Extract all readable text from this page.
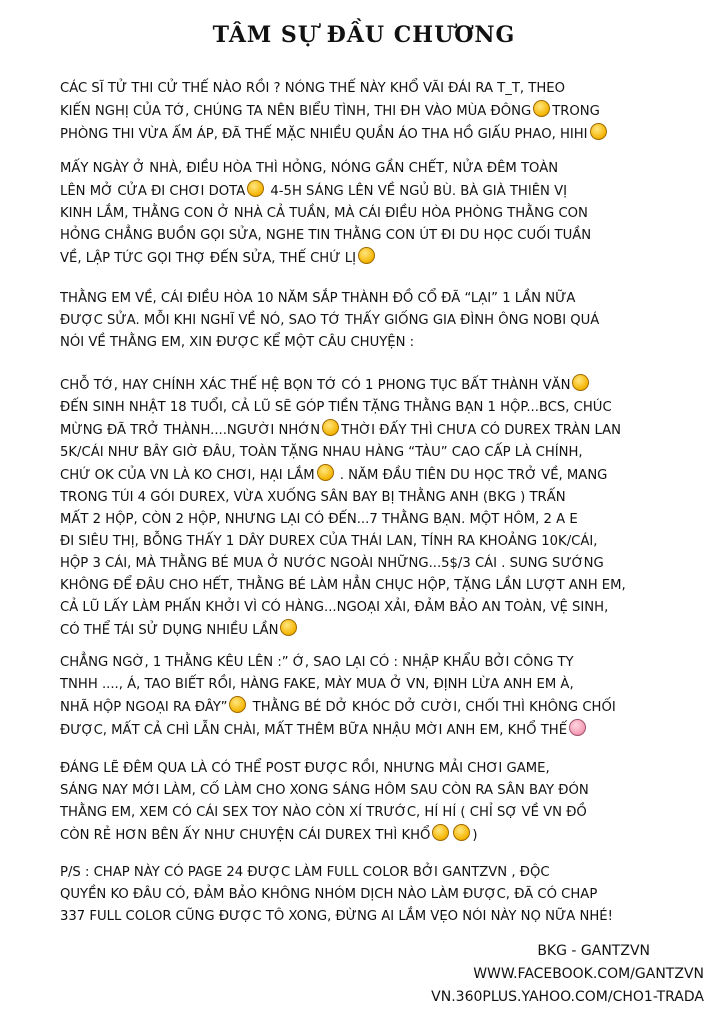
TÂM SỰ ĐẦU CHƯƠNG
CÁC SĨ TỬ THI CỬ THẾ NÀO RỒI ? NÓNG THẾ NÀY KHỔ VÃI ĐÁI RA T_T, THEO
KIẾN NGHỊ CỦA TỚ, CHÚNG TA NÊN BIỂU TÌNH, THI ĐH VÀO MÙA ĐÔNG TRONG
PHÒNG THI VỪA ẤM ÁP, ĐÃ THẾ MẶC NHIỀU QUẦN ÁO THA HỒ GIẤU PHAO, HIHI
MẤY NGÀY Ở NHÀ, ĐIỀU HÒA THÌ HỎNG, NÓNG GẦN CHẾT, NỬA ĐÊM TOÀN
LÊN MỞ CỬA ĐI CHƠI DOTA 4-5H SÁNG LÊN VỀ NGỦ BÙ. BÀ GIÀ THIÊN VỊ
KINH LẮM, THẰNG CON Ở NHÀ CẢ TUẦN, MÀ CÁI ĐIỀU HÒA PHÒNG THẰNG CON
HỎNG CHẲNG BUỒN GỌI SỬA, NGHE TIN THẰNG CON ÚT ĐI DU HỌC CUỐI TUẦN
VỀ, LẬP TỨC GỌI THỢ ĐẾN SỬA, THẾ CHỨ LỊ
THẰNG EM VỀ, CÁI ĐIỀU HÒA 10 NĂM SẮP THÀNH ĐỒ CỔ ĐÃ “LẠI” 1 LẦN NỮA
ĐƯỢC SỬA. MỖI KHI NGHĨ VỀ NÓ, SAO TỚ THẤY GIỐNG GIA ĐÌNH ÔNG NOBI QUÁ
NÓI VỀ THẰNG EM, XIN ĐƯỢC KỂ MỘT CÂU CHUYỆN :
CHỖ TỚ, HAY CHÍNH XÁC THẾ HỆ BỌN TỚ CÓ 1 PHONG TỤC BẤT THÀNH VĂN
ĐẾN SINH NHẬT 18 TUỔI, CẢ LŨ SẼ GÓP TIỀN TẶNG THẰNG BẠN 1 HỘP...BCS, CHÚC
MỪNG ĐÃ TRỞ THÀNH....NGƯỜI NHỚN THỜI ĐẤY THÌ CHƯA CÓ DUREX TRÀN LAN
5K/CÁI NHƯ BÂY GIỜ ĐÂU, TOÀN TẶNG NHAU HÀNG “TÀU” CAO CẤP LÀ CHÍNH,
CHỨ OK CỦA VN LÀ KO CHƠI, HẠI LẮM . NĂM ĐẦU TIÊN DU HỌC TRỞ VỀ, MANG
TRONG TÚI 4 GÓI DUREX, VỪA XUỐNG SÂN BAY BỊ THẰNG ANH (BKG ) TRẤN
MẤT 2 HỘP, CÒN 2 HỘP, NHƯNG LẠI CÓ ĐẾN...7 THẰNG BẠN. MỘT HÔM, 2 A E
ĐI SIÊU THỊ, BỖNG THẤY 1 DÂY DUREX CỦA THÁI LAN, TÍNH RA KHOẢNG 10K/CÁI,
HỘP 3 CÁI, MÀ THẰNG BÉ MUA Ở NƯỚC NGOÀI NHỮNG...5$/3 CÁI . SUNG SƯỚNG
KHÔNG ĐỂ ĐÂU CHO HẾT, THẰNG BÉ LÀM HẲN CHỤC HỘP, TẶNG LẦN LƯỢT ANH EM,
CẢ LŨ LẤY LÀM PHẤN KHỞI VÌ CÓ HÀNG...NGOẠI XẢI, ĐẢM BẢO AN TOÀN, VỆ SINH,
CÓ THỂ TÁI SỬ DỤNG NHIỀU LẦN
CHẲNG NGỜ, 1 THẰNG KÊU LÊN :” Ớ, SAO LẠI CÓ : NHẬP KHẨU BỞI CÔNG TY
TNHH ...., Á, TAO BIẾT RỒI, HÀNG FAKE, MÀY MUA Ở VN, ĐỊNH LỪA ANH EM À,
NHÃ HỘP NGOẠI RA ĐÂY” THẰNG BÉ DỞ KHÓC DỞ CƯỜI, CHỐI THÌ KHÔNG CHỐI
ĐƯỢC, MẤT CẢ CHÌ LẪN CHÀI, MẤT THÊM BỮA NHẬU MỜI ANH EM, KHỔ THẾ
ĐÁNG LẼ ĐÊM QUA LÀ CÓ THỂ POST ĐƯỢC RỒI, NHƯNG MẢI CHƠI GAME,
SÁNG NAY MỚI LÀM, CỐ LÀM CHO XONG SÁNG HÔM SAU CÒN RA SÂN BAY ĐÓN
THẰNG EM, XEM CÓ CÁI SEX TOY NÀO CÒN XÍ TRƯỚC, HÍ HÍ ( CHỈ SỢ VỀ VN ĐỒ
CÒN RẺ HƠN BÊN ẤY NHƯ CHUYỆN CÁI DUREX THÌ KHỔ	)
P/S : CHAP NÀY CÓ PAGE 24 ĐƯỢC LÀM FULL COLOR BỞI GANTZVN , ĐỘC
QUYỀN KO ĐÂU CÓ, ĐẢM BẢO KHÔNG NHÓM DỊCH NÀO LÀM ĐƯỢC, ĐÃ CÓ CHAP
337 FULL COLOR CŨNG ĐƯỢC TÔ XONG, ĐỪNG AI LẮM VẸO NÓI NÀY NỌ NỮA NHÉ!
BKG - GANTZVN
WWW.FACEBOOK.COM/GANTZVN
VN.360PLUS.YAHOO.COM/CHO1-TRADA
